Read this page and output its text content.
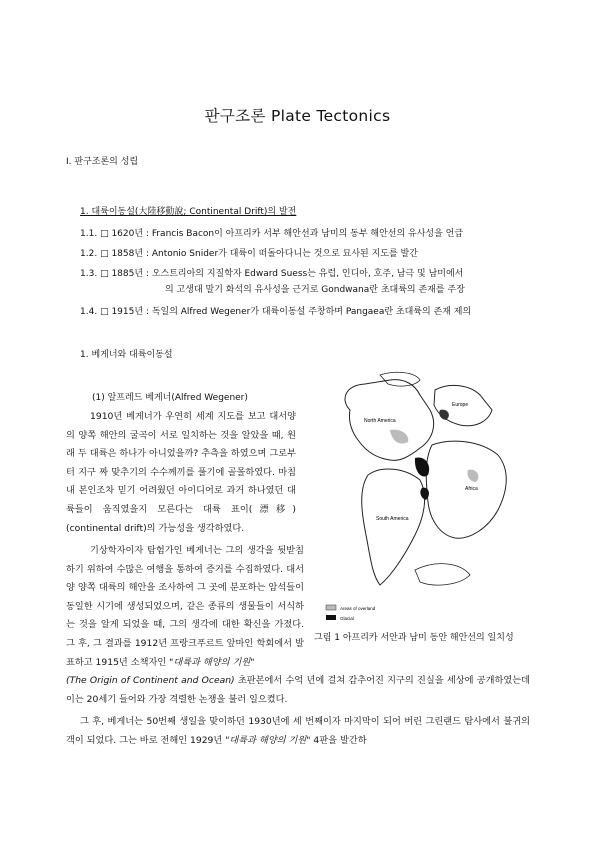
판구조론 Plate Tectonics
Ⅰ. 판구조론의 성립
1. 대륙이동설(大陸移動說; Continental Drift)의 발전
1.1. □ 1620년 : Francis Bacon이 아프리카 서부 해안선과 남미의 동부 해안선의 유사성을 언급
1.2. □ 1858년 : Antonio Snider가 대륙이 떠돌아다니는 것으로 묘사된 지도를 발간
1.3. □ 1885년 : 오스트리아의 지질학자 Edward Suess는 유럽, 인디아, 호주, 남극 및 남미에서
의 고생대 말기 화석의 유사성을 근거로 Gondwana란 초대륙의 존재를 주장
1.4. □ 1915년 : 독일의 Alfred Wegener가 대륙이동설 주창하며 Pangaea란 초대륙의 존재 제의
1. 베게너와 대륙이동설
(1) 알프레드 베게너(Alfred Wegener)
1910년 베게너가 우연히 세계 지도를 보고 대서양의 양쪽 해안의 굴곡이 서로 일치하는 것을 알았을 때, 원래 두 대륙은 하나가 아니었을까? 추측을 하였으며 그로부터 지구 짜 맞추기의 수수께끼를 풀기에 골몰하였다. 마침내 본인조차 믿기 어려웠던 아이디어로 과거 하나였던 대륙들이 움직였을지 모른다는 대륙 표이(漂移)(continental drift)의 가능성을 생각하였다.
기상학자이자 탐험가인 베게너는 그의 생각을 뒷받침하기 위하여 수많은 여행을 통하여 증거를 수집하였다. 대서양 양쪽 대륙의 해안을 조사하여 그 곳에 분포하는 암석들이 동일한 시기에 생성되었으며, 같은 종류의 생물들이 서식하는 것을 알게 되었을 때, 그의 생각에 대한 확신을 가졌다. 그 후, 그 결과를 1912년 프랑크푸르트 앞마인 학회에서 발표하고 1915년 소책자인 "대륙과 해양의 기원"
(The Origin of Continent and Ocean) 초판본에서 수억 년에 걸쳐 감추어진 지구의 진실을 세상에 공개하였는데 이는 20세기 들어와 가장 격렬한 논쟁을 불러 일으켰다.
그 후, 베게너는 50번째 생일을 맞이하던 1930년에 세 번째이자 마지막이 되어 버린 그린랜드 탐사에서 불귀의 객이 되었다. 그는 바로 전해인 1929년 "대륙과 해양의 기원" 4판을 발간하
North America
Europe
Africa
South America
Areas of overland
Glacial
그림 1 아프리카 서안과 남미 동안 해안선의 일치성
